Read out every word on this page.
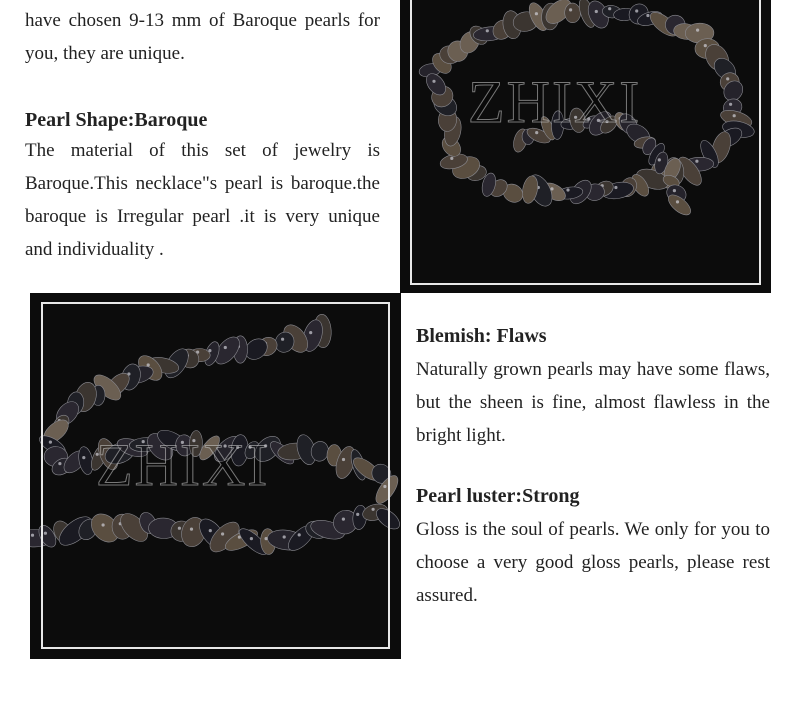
have chosen 9-13 mm of Baroque pearls for you, they are unique.

Pearl Shape:Baroque

The material of this set of jewelry is Baroque.This necklace"s pearl is baroque.the baroque is Irregular pearl .it is very unique and individuality .

ZHIXI
ZHIXI
Blemish: Flaws

Naturally grown pearls may have some flaws, but the sheen is fine, almost flawless in the bright light.

Pearl luster:Strong

Gloss is the soul of pearls. We only for you to choose a very good gloss pearls, please rest assured.
